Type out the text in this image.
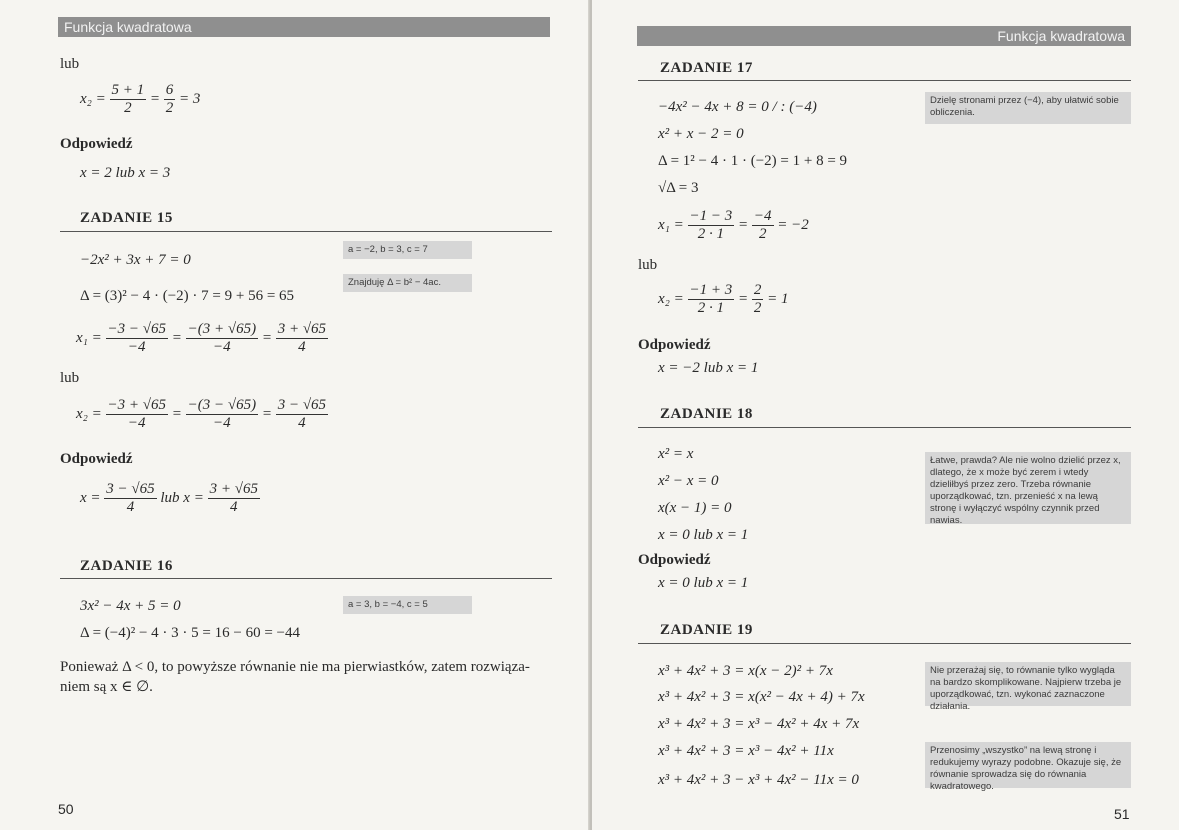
Funkcja kwadratowa
lub
$x_2 = \frac{5 + 1}{2} = \frac{6}{2} = 3$
Odpowiedź
x = 2 lub x = 3
ZADANIE 15
−2x² + 3x + 7 = 0
a = −2, b = 3, c = 7
Znajduję Δ = b² − 4ac.
Δ = (3)² − 4 · (−2) · 7 = 9 + 56 = 65
$x_1 = \frac{-3 - √65}{-4} = \frac{-(3 + √65)}{-4} = \frac{3 + √65}{4}$
lub
$x_2 = \frac{-3 + √65}{-4} = \frac{-(3 - √65)}{-4} = \frac{3 - √65}{4}$
Odpowiedź
$x = \frac{3 - √65}{4}$ lub $x = \frac{3 + √65}{4}$
ZADANIE 16
3x² − 4x + 5 = 0	a = 3, b = −4, c = 5
Δ = (−4)² − 4 · 3 · 5 = 16 − 60 = −44
Ponieważ Δ < 0, to powyższe równanie nie ma pierwiastków, zatem rozwiązaniem są x ∈ ∅.
50
Funkcja kwadratowa
ZADANIE 17
−4x² − 4x + 8 = 0 / : (−4)	Dzielę stronami przez (−4), aby ułatwić sobie obliczenia.
x² + x − 2 = 0
Δ = 1² − 4 · 1 · (−2) = 1 + 8 = 9
√Δ = 3
$x_1 = \frac{-1 - 3}{2 \cdot 1} = \frac{-4}{2} = -2$
lub
$x_2 = \frac{-1 + 3}{2 \cdot 1} = \frac{2}{2} = 1$
Odpowiedź
x = −2 lub x = 1
ZADANIE 18
x² = x
x² − x = 0
x(x − 1) = 0
x = 0 lub x = 1
Łatwe, prawda? Ale nie wolno dzielić przez x, dlatego, że x może być zerem i wtedy dzieliłbyś przez zero. Trzeba równanie uporządkować, tzn. przenieść x na lewą stronę i wyłączyć wspólny czynnik przed nawias.
Odpowiedź
x = 0 lub x = 1
ZADANIE 19
x³ + 4x² + 3 = x(x − 2)² + 7x
x³ + 4x² + 3 = x(x² − 4x + 4) + 7x
x³ + 4x² + 3 = x³ − 4x² + 4x + 7x
x³ + 4x² + 3 = x³ − 4x² + 11x
x³ + 4x² + 3 − x³ + 4x² − 11x = 0
Nie przerażaj się, to równanie tylko wygląda na bardzo skomplikowane. Najpierw trzeba je uporządkować, tzn. wykonać zaznaczone działania.
Przenosimy „wszystko” na lewą stronę i redukujemy wyrazy podobne. Okazuje się, że równanie sprowadza się do równania kwadratowego.
51
